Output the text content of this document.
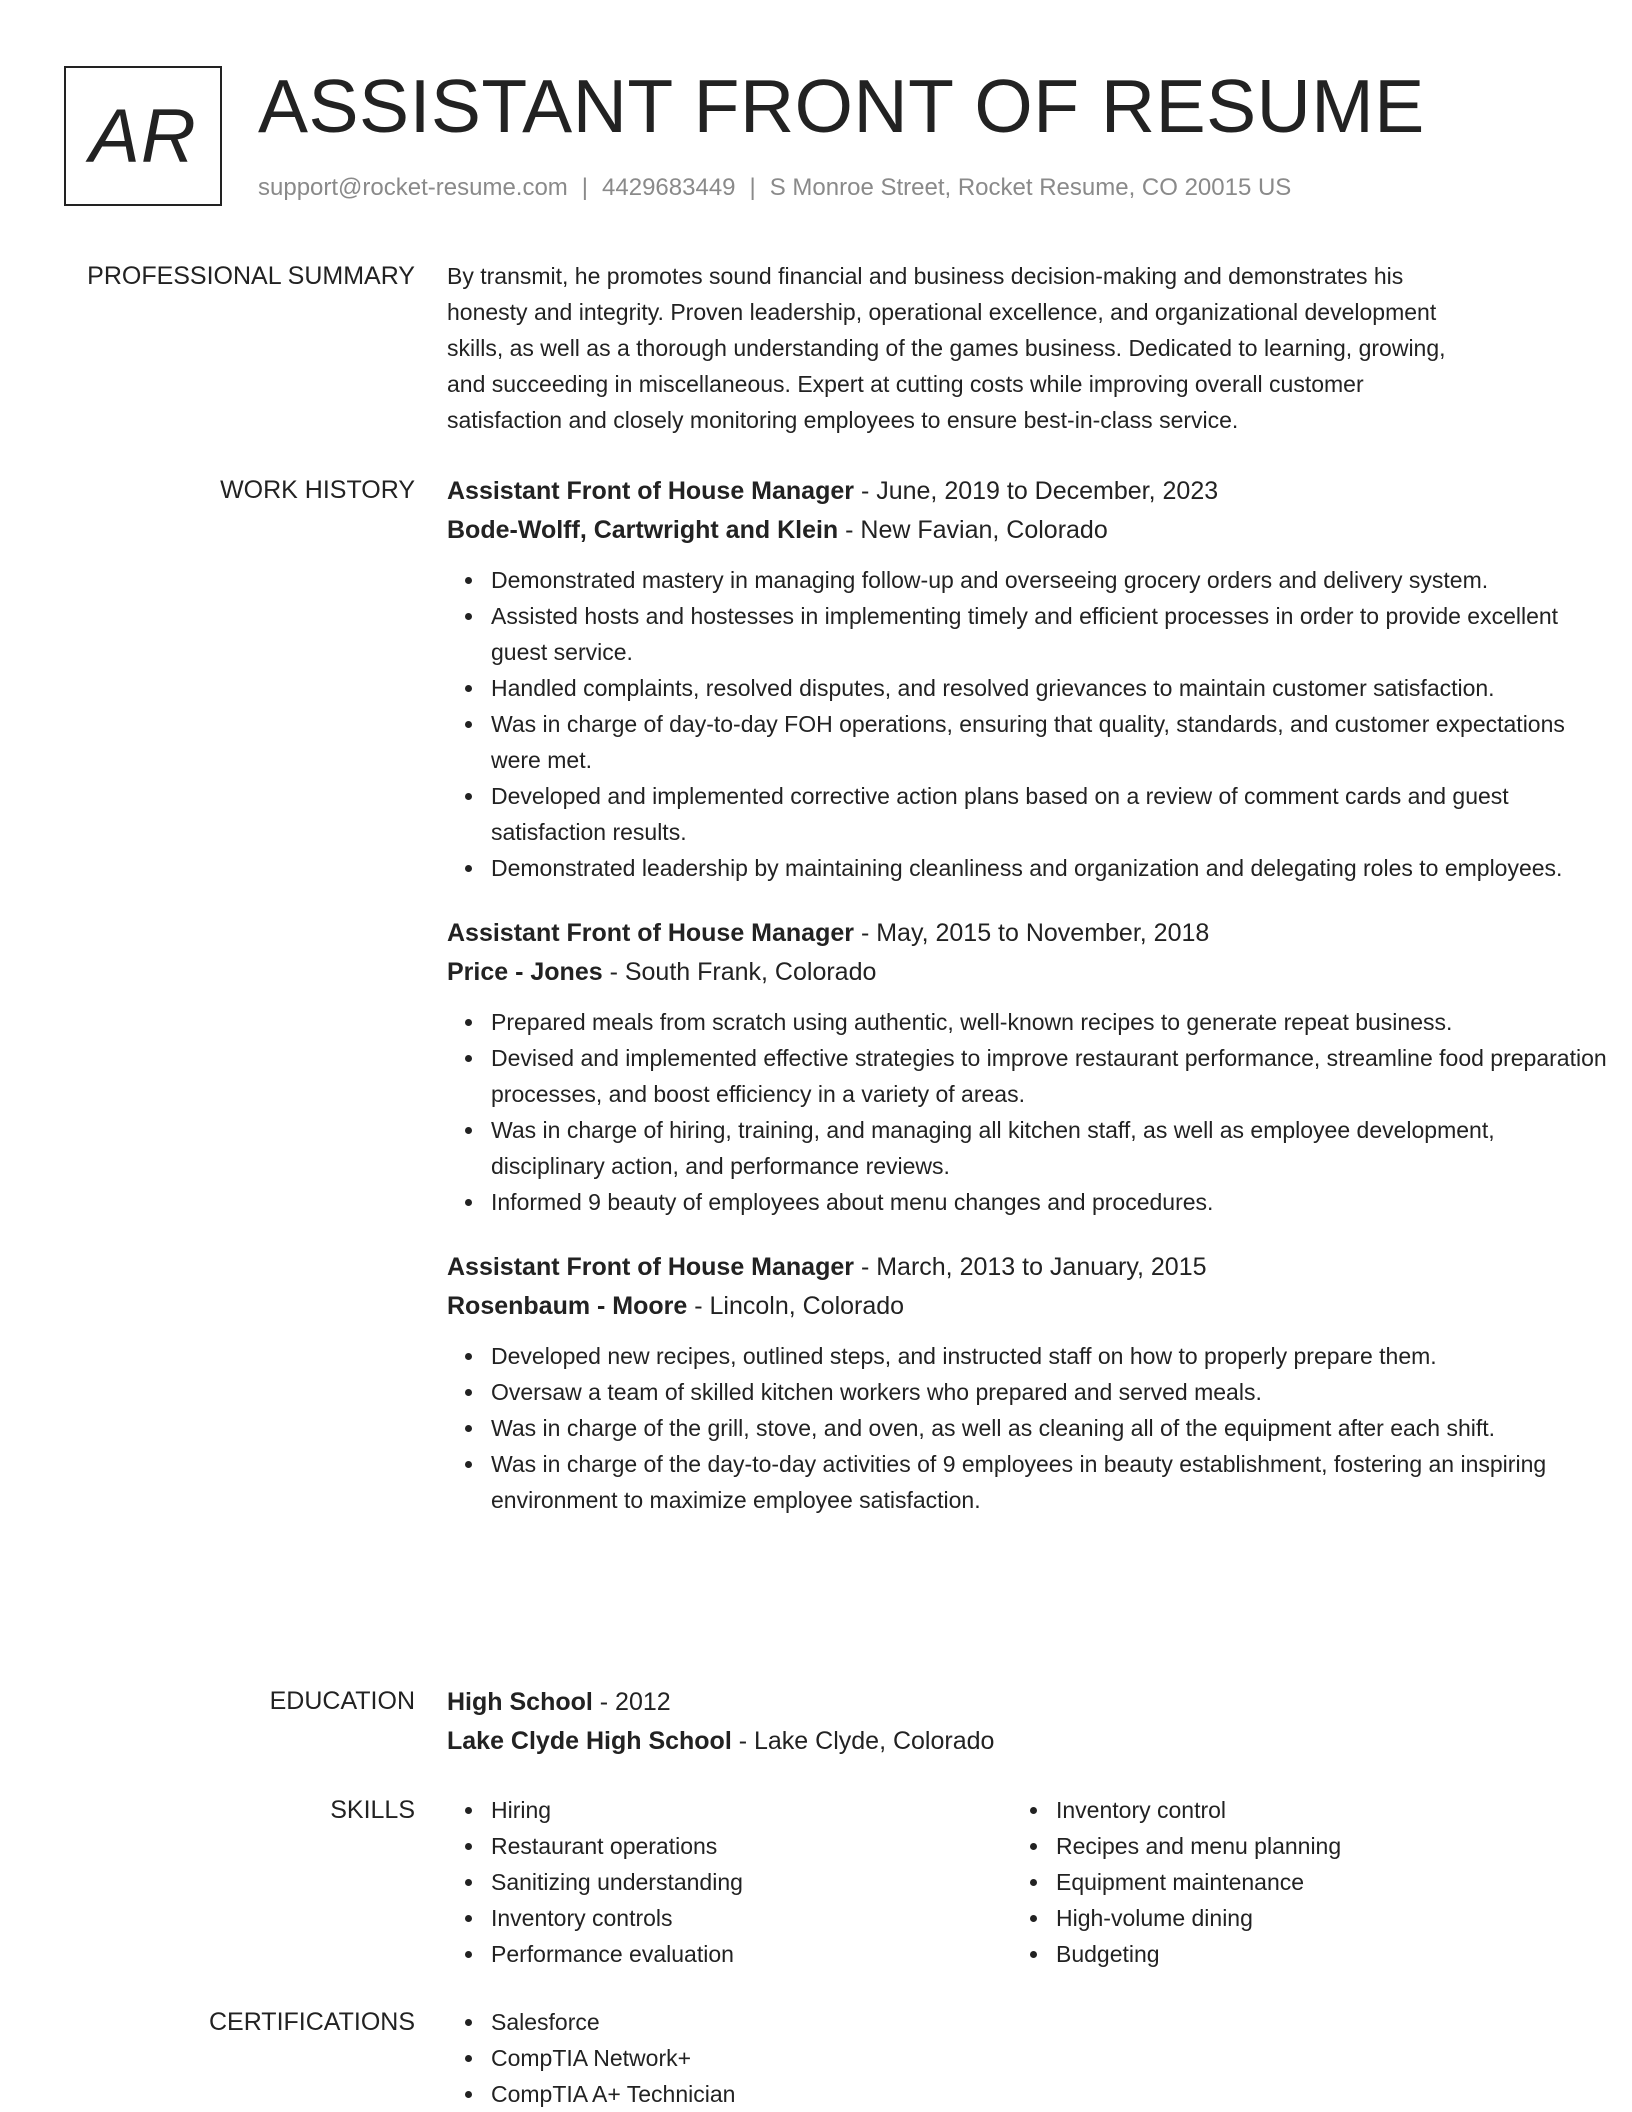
AR ASSISTANT FRONT OF RESUME
support@rocket-resume.com | 4429683449 | S Monroe Street, Rocket Resume, CO 20015 US
PROFESSIONAL SUMMARY By transmit, he promotes sound financial and business decision-making and demonstrates his

honesty and integrity. Proven leadership, operational excellence, and organizational development

skills, as well as a thorough understanding of the games business. Dedicated to learning, growing,

and succeeding in miscellaneous. Expert at cutting costs while improving overall customer

satisfaction and closely monitoring employees to ensure best-in-class service.

WORK HISTORY Assistant Front of House Manager - June, 2019 to December, 2023
Bode-Wolff, Cartwright and Klein - New Favian, Colorado
Demonstrated mastery in managing follow-up and overseeing grocery orders and delivery system.
Assisted hosts and hostesses in implementing timely and efficient processes in order to provide excellent guest service.
Handled complaints, resolved disputes, and resolved grievances to maintain customer satisfaction.
Was in charge of day-to-day FOH operations, ensuring that quality, standards, and customer expectations were met.
Developed and implemented corrective action plans based on a review of comment cards and guest satisfaction results.
Demonstrated leadership by maintaining cleanliness and organization and delegating roles to employees.
Assistant Front of House Manager - May, 2015 to November, 2018
Price - Jones - South Frank, Colorado
Prepared meals from scratch using authentic, well-known recipes to generate repeat business.
Devised and implemented effective strategies to improve restaurant performance, streamline food preparation processes, and boost efficiency in a variety of areas.
Was in charge of hiring, training, and managing all kitchen staff, as well as employee development, disciplinary action, and performance reviews.
Informed 9 beauty of employees about menu changes and procedures.
Assistant Front of House Manager - March, 2013 to January, 2015
Rosenbaum - Moore - Lincoln, Colorado
Developed new recipes, outlined steps, and instructed staff on how to properly prepare them.
Oversaw a team of skilled kitchen workers who prepared and served meals.
Was in charge of the grill, stove, and oven, as well as cleaning all of the equipment after each shift.
Was in charge of the day-to-day activities of 9 employees in beauty establishment, fostering an inspiring environment to maximize employee satisfaction.
EDUCATION High School - 2012
Lake Clyde High School - Lake Clyde, Colorado
SKILLS	Hiring
Restaurant operations
Sanitizing understanding
Inventory controls
Performance evaluation
Inventory control
Recipes and menu planning
Equipment maintenance
High-volume dining
Budgeting
CERTIFICATIONS	Salesforce
CompTIA Network+
CompTIA A+ Technician
